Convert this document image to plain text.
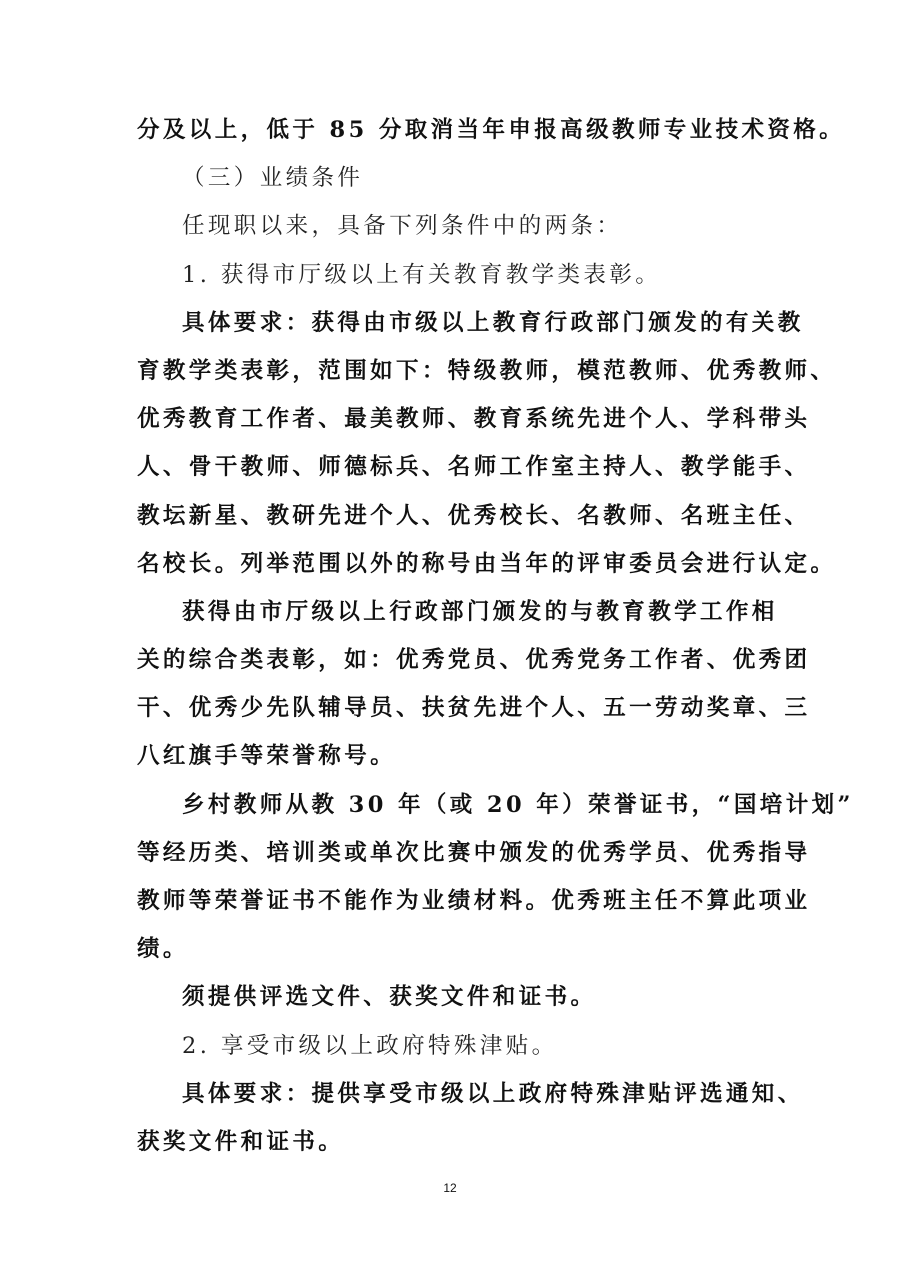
分及以上，低于 85 分取消当年申报高级教师专业技术资格。
（三）业绩条件
任现职以来，具备下列条件中的两条：
1. 获得市厅级以上有关教育教学类表彰。
具体要求：获得由市级以上教育行政部门颁发的有关教
育教学类表彰，范围如下：特级教师，模范教师、优秀教师、
优秀教育工作者、最美教师、教育系统先进个人、学科带头
人、骨干教师、师德标兵、名师工作室主持人、教学能手、
教坛新星、教研先进个人、优秀校长、名教师、名班主任、
名校长。列举范围以外的称号由当年的评审委员会进行认定。
获得由市厅级以上行政部门颁发的与教育教学工作相
关的综合类表彰，如：优秀党员、优秀党务工作者、优秀团
干、优秀少先队辅导员、扶贫先进个人、五一劳动奖章、三
八红旗手等荣誉称号。
乡村教师从教 30 年（或 20 年）荣誉证书，“国培计划”
等经历类、培训类或单次比赛中颁发的优秀学员、优秀指导
教师等荣誉证书不能作为业绩材料。优秀班主任不算此项业
绩。
须提供评选文件、获奖文件和证书。
2. 享受市级以上政府特殊津贴。
具体要求：提供享受市级以上政府特殊津贴评选通知、
获奖文件和证书。
12
